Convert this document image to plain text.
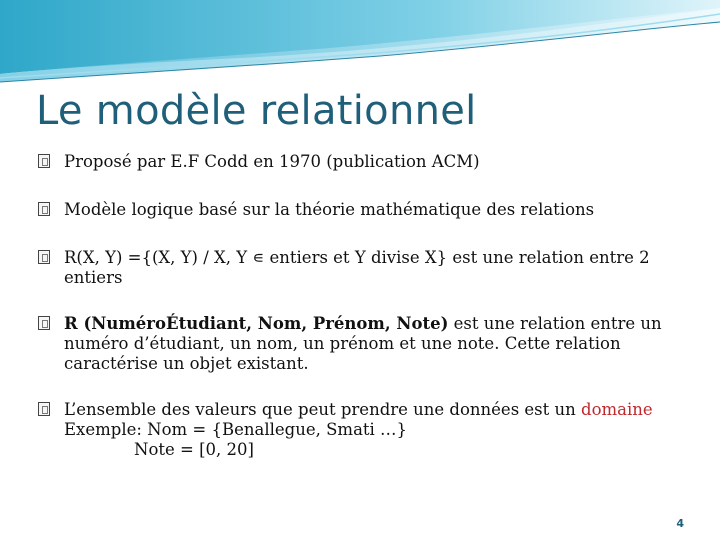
Le modèle relationnel
Proposé par E.F Codd en 1970 (publication ACM)
Modèle logique basé sur la théorie mathématique des relations
R(X, Y) ={(X, Y) / X, Y ∊ entiers et Y divise X} est une relation entre 2 entiers
R (NuméroÉtudiant, Nom, Prénom, Note) est une relation entre un numéro d’étudiant, un nom, un prénom et une note. Cette relation caractérise un objet existant.
L’ensemble des valeurs que peut prendre une données est un domaine
Exemple: Nom = {Benallegue, Smati …}
Note = [0, 20]
4
